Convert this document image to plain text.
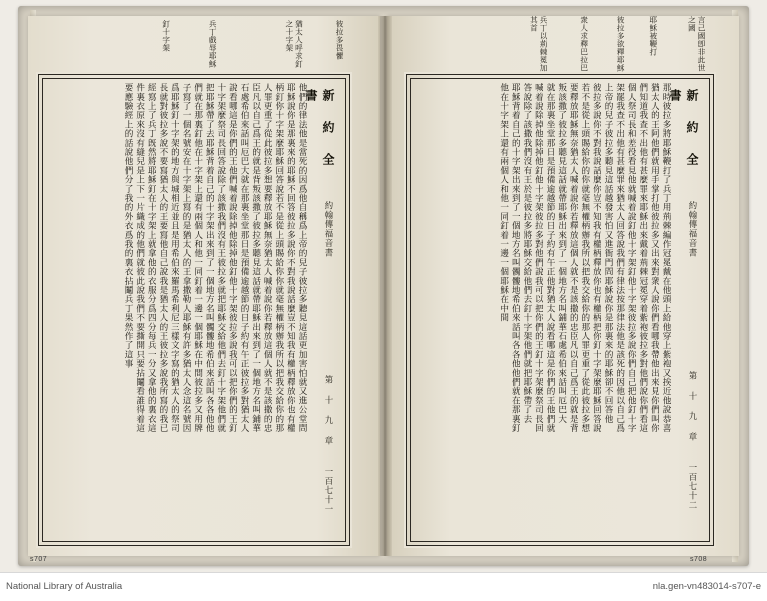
彼拉多畏懼
猶太人呼求釘之十字架
兵丁戲辱耶穌
釘十字架
新 約 全 書
約翰傳福音書
第 十 九 章
一百七十一
他們的律法他是當死的因爲他自稱爲上帝的兒子彼拉多聽見這話更加害怕就又進公堂問
耶穌說你是那裏來的耶穌不回答彼拉多說你不對我說話麼豈不知我有權柄釋放你也有權
柄釘你十字架麼耶穌回答說若不是從上頭賜給你你就毫無權柄辦我所以把我交給你的那
人罪更重了從此彼拉多想要釋放耶穌無奈猶太人喊着說你若釋放這個人就不是該撒的忠
臣凡以自己爲王的就是背叛該撒了彼拉多聽見這話就帶耶穌出來到了一個地方名叫鋪華
石處希伯來話叫厄巴大就在那裏坐堂那日是預備逾越節的日子約有午正彼拉多對猶太人
說看哪這是你們的王他們喊着說除掉他除掉他釘他十字架彼拉多說我可以把你們的王釘
十字架麼祭司長回答說除了該撒我們沒有王彼拉多就把耶穌交給他們去釘十字架他們就
把耶穌帶了去耶穌背着自己的十字架出來到了一個地方名叫髑髏地希伯來話叫各各他他
們就在那裏釘他在十字架上還有兩個人和他一同釘着一邊一個耶穌在中間彼拉多又用牌
子寫了一個名號安在十字架上寫的是猶太人的王拿撒勒人耶穌有許多猶太人念這名號因
爲耶穌釘十字架的地方與城相近並且是用希伯來羅馬希利尼三樣文字寫的猶太人的祭司
長就對彼拉多說不要寫猶太人的王要寫他自己說我是猶太人的王彼拉多說我所寫的我已
經寫上了兵丁旣然將耶穌釘在十字架上就拿他的衣服分爲四分每兵一分又拿他的裏衣這
件裏衣原來沒有縫兒是上下一片織成的他們就彼此說我們不要撕開只要拈鬮看誰得着這
要應驗經上的話說他們分了我的外衣爲我的裏衣拈鬮兵丁果然作了這事
s707
言己國卽非此世之國
耶穌被鞭打
彼拉多欲釋耶穌
衆人求釋巴拉巴
兵丁以荊棘冕加其首
新 約 全 書
約翰傳福音書
第 十 九 章
一百七十二
那時彼拉多將耶穌鞭打了兵丁用荊棘編作冠冕戴在他頭上給他穿上紫袍又挨近他說恭喜
猶太人的王阿他們就用手掌打他彼拉多又出來對衆人說你們看哪我帶他出來見你們叫你
們知道我查不出他有甚麼罪來耶穌出來戴着荊棘冠冕穿着紫袍彼拉多對他們說你們看這
個人祭司長和差役看見他就喊着說釘他十字架釘他十字架彼拉多說你們自己把他釘十字
架罷我查不出他有甚麼罪來猶太人回答說我們有律法按那律法他是該死的因他以自己爲
上帝的兒子彼拉多聽見這話越發害怕又進衙門問耶穌說你是那裏來的耶穌卻不回答他
彼拉多說你不對我說話麼你豈不知我有權柄釋放你也有權柄把你釘十字架麼耶穌回答說
若不是從上頭賜給你的你就毫無權柄辦我所以把我交給你的那人罪更重了從此彼拉多想
要釋放耶穌無奈猶太人喊着說你若釋放這個人就不是該撒的忠臣凡以自己爲王的就是背
叛該撒了彼拉多聽見這話就帶耶穌出來到了一個地方名叫鋪華石處希伯來話叫厄巴大
就在那裏坐堂那日是預備逾越節的日子約有午正他對猶太人說看哪這是你們的王他們就
喊着說除掉他除掉他釘他十字架彼拉多對他們說我可以把你們的王釘十字架麼祭司長回
答說除了該撒我們沒有王於是彼拉多將耶穌交給他們去釘十字架他們就把耶穌帶了去
耶穌背着自己的十字架出來到了一個地方名叫髑髏地希伯來話叫各各他他們就在那裏釘
他在十字架上還有兩個人和他一同釘着一邊一個耶穌在中間
s708
National Library of Australia	nla.gen-vn483014-s707-e
